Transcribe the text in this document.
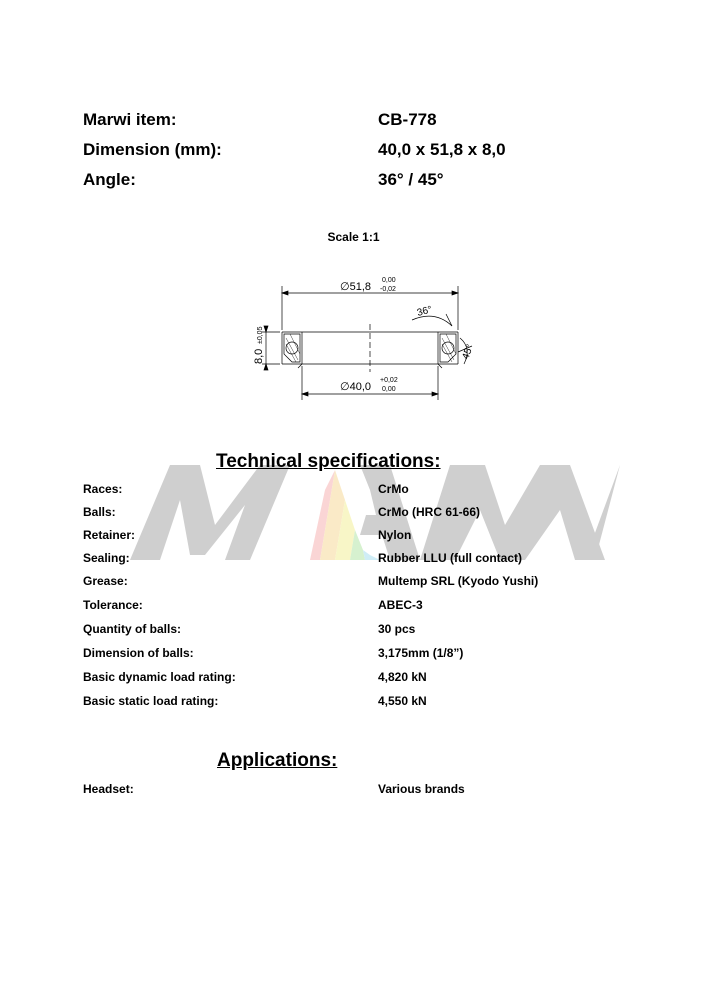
Marwi item:	CB-778
Dimension (mm):	40,0 x 51,8 x 8,0
Angle:	36° / 45°
Scale 1:1
∅51,8
0,00
-0,02
∅40,0
+0,02
0,00
8,0
±0,05
36°
45°
Technical specifications:
Races:	CrMo
Balls:	CrMo (HRC 61-66)
Retainer:	Nylon
Sealing:	Rubber LLU (full contact)
Grease:	Multemp SRL (Kyodo Yushi)
Tolerance:	ABEC-3
Quantity of balls:	30 pcs
Dimension of balls:	3,175mm (1/8”)
Basic dynamic load rating:	4,820 kN
Basic static load rating:	4,550 kN
Applications:
Headset:	Various brands
